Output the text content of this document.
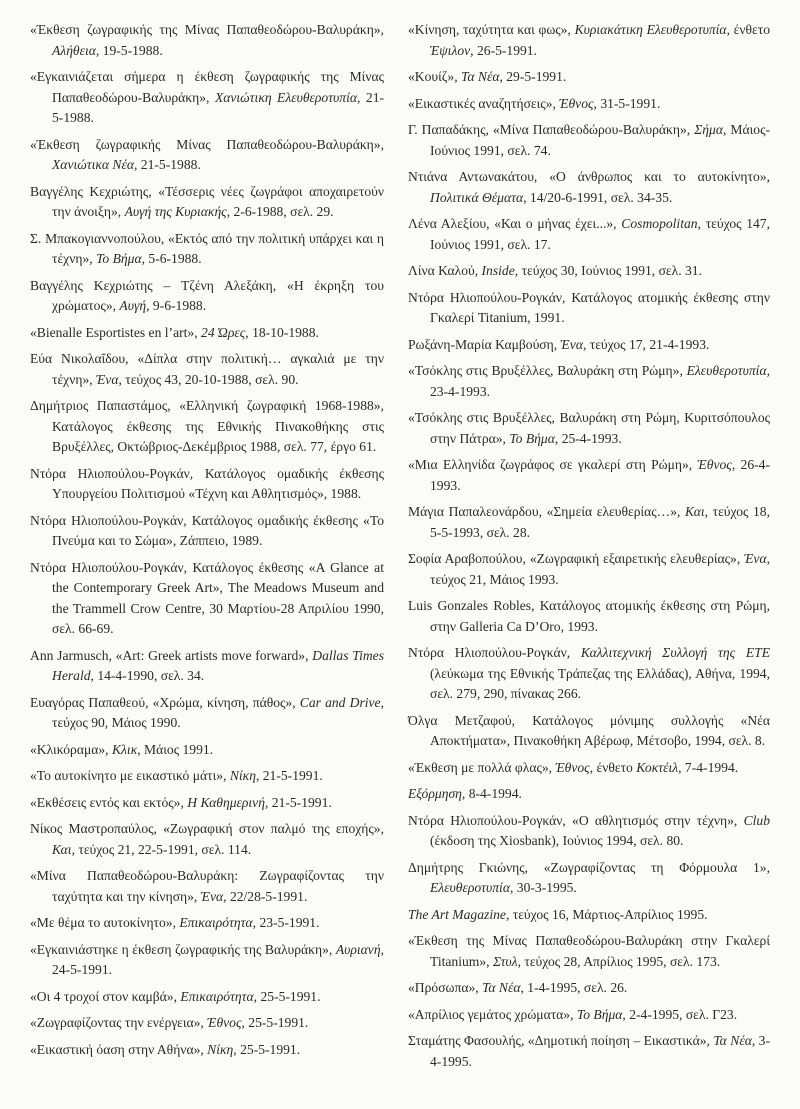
«Έκθεση ζωγραφικής της Μίνας Παπαθεοδώρου-Βαλυράκη», Αλήθεια, 19-5-1988.

«Εγκαινιάζεται σήμερα η έκθεση ζωγραφικής της Μίνας Παπαθεοδώρου-Βαλυράκη», Χανιώτικη Ελευθεροτυπία, 21-5-1988.

«Έκθεση ζωγραφικής Μίνας Παπαθεοδώρου-Βαλυράκη», Χανιώτικα Νέα, 21-5-1988.

Βαγγέλης Κεχριώτης, «Τέσσερις νέες ζωγράφοι αποχαιρετούν την άνοιξη», Αυγή της Κυριακής, 2-6-1988, σελ. 29.

Σ. Μπακογιαννοπούλου, «Εκτός από την πολιτική υπάρχει και η τέχνη», Το Βήμα, 5-6-1988.

Βαγγέλης Κεχριώτης – Τζένη Αλεξάκη, «Η έκρηξη του χρώματος», Αυγή, 9-6-1988.

«Bienalle Esportistes en l’art», 24 Ώρες, 18-10-1988.

Εύα Νικολαΐδου, «Δίπλα στην πολιτική… αγκαλιά με την τέχνη», Ένα, τεύχος 43, 20-10-1988, σελ. 90.

Δημήτριος Παπαστάμος, «Ελληνική ζωγραφική 1968-1988», Κατάλογος έκθεσης της Εθνικής Πινακοθήκης στις Βρυξέλλες, Οκτώβριος-Δεκέμβριος 1988, σελ. 77, έργο 61.

Ντόρα Ηλιοπούλου-Ρογκάν, Κατάλογος ομαδικής έκθεσης Υπουργείου Πολιτισμού «Τέχνη και Αθλητισμός», 1988.

Ντόρα Ηλιοπούλου-Ρογκάν, Κατάλογος ομαδικής έκθεσης «Το Πνεύμα και το Σώμα», Ζάππειο, 1989.

Ντόρα Ηλιοπούλου-Ρογκάν, Κατάλογος έκθεσης «A Glance at the Contemporary Greek Art», The Meadows Museum and the Trammell Crow Centre, 30 Μαρτίου-28 Απριλίου 1990, σελ. 66-69.

Ann Jarmusch, «Art: Greek artists move forward», Dallas Times Herald, 14-4-1990, σελ. 34.

Ευαγόρας Παπαθεού, «Χρώμα, κίνηση, πάθος», Car and Drive, τεύχος 90, Μάιος 1990.

«Κλικόραμα», Κλικ, Μάιος 1991.

«Το αυτοκίνητο με εικαστικό μάτι», Νίκη, 21-5-1991.

«Εκθέσεις εντός και εκτός», Η Καθημερινή, 21-5-1991.

Νίκος Μαστροπαύλος, «Ζωγραφική στον παλμό της εποχής», Και, τεύχος 21, 22-5-1991, σελ. 114.

«Μίνα Παπαθεοδώρου-Βαλυράκη: Ζωγραφίζοντας την ταχύτητα και την κίνηση», Ένα, 22/28-5-1991.

«Με θέμα το αυτοκίνητο», Επικαιρότητα, 23-5-1991.

«Εγκαινιάστηκε η έκθεση ζωγραφικής της Βαλυράκη», Αυριανή, 24-5-1991.

«Οι 4 τροχοί στον καμβά», Επικαιρότητα, 25-5-1991.

«Ζωγραφίζοντας την ενέργεια», Έθνος, 25-5-1991.

«Εικαστική όαση στην Αθήνα», Νίκη, 25-5-1991.

«Κίνηση, ταχύτητα και φως», Κυριακάτικη Ελευθεροτυπία, ένθετο Έψιλον, 26-5-1991.

«Κουίζ», Τα Νέα, 29-5-1991.

«Εικαστικές αναζητήσεις», Έθνος, 31-5-1991.

Γ. Παπαδάκης, «Μίνα Παπαθεοδώρου-Βαλυράκη», Σήμα, Μάιος-Ιούνιος 1991, σελ. 74.

Ντιάνα Αντωνακάτου, «Ο άνθρωπος και το αυτοκίνητο», Πολιτικά Θέματα, 14/20-6-1991, σελ. 34-35.

Λένα Αλεξίου, «Και ο μήνας έχει...», Cosmopolitan, τεύχος 147, Ιούνιος 1991, σελ. 17.

Λίνα Καλού, Inside, τεύχος 30, Ιούνιος 1991, σελ. 31.

Ντόρα Ηλιοπούλου-Ρογκάν, Κατάλογος ατομικής έκθεσης στην Γκαλερί Titanium, 1991.

Ρωξάνη-Μαρία Καμβούση, Ένα, τεύχος 17, 21-4-1993.

«Τσόκλης στις Βρυξέλλες, Βαλυράκη στη Ρώμη», Ελευθεροτυπία, 23-4-1993.

«Τσόκλης στις Βρυξέλλες, Βαλυράκη στη Ρώμη, Κυριτσόπουλος στην Πάτρα», Το Βήμα, 25-4-1993.

«Μια Ελληνίδα ζωγράφος σε γκαλερί στη Ρώμη», Έθνος, 26-4-1993.

Μάγια Παπαλεονάρδου, «Σημεία ελευθερίας…», Και, τεύχος 18, 5-5-1993, σελ. 28.

Σοφία Αραβοπούλου, «Ζωγραφική εξαιρετικής ελευθερίας», Ένα, τεύχος 21, Μάιος 1993.

Luis Gonzales Robles, Κατάλογος ατομικής έκθεσης στη Ρώμη, στην Galleria Ca D’Oro, 1993.

Ντόρα Ηλιοπούλου-Ρογκάν, Καλλιτεχνική Συλλογή της ΕΤΕ (λεύκωμα της Εθνικής Τράπεζας της Ελλάδας), Αθήνα, 1994, σελ. 279, 290, πίνακας 266.

Όλγα Μετζαφού, Κατάλογος μόνιμης συλλογής «Νέα Αποκτήματα», Πινακοθήκη Αβέρωφ, Μέτσοβο, 1994, σελ. 8.

«Έκθεση με πολλά φλας», Έθνος, ένθετο Κοκτέιλ, 7-4-1994.

Εξόρμηση, 8-4-1994.

Ντόρα Ηλιοπούλου-Ρογκάν, «Ο αθλητισμός στην τέχνη», Club (έκδοση της Xiosbank), Ιούνιος 1994, σελ. 80.

Δημήτρης Γκιώνης, «Ζωγραφίζοντας τη Φόρμουλα 1», Ελευθεροτυπία, 30-3-1995.

The Art Magazine, τεύχος 16, Μάρτιος-Απρίλιος 1995.

«Έκθεση της Μίνας Παπαθεοδώρου-Βαλυράκη στην Γκαλερί Titanium», Στυλ, τεύχος 28, Απρίλιος 1995, σελ. 173.

«Πρόσωπα», Τα Νέα, 1-4-1995, σελ. 26.

«Απρίλιος γεμάτος χρώματα», Το Βήμα, 2-4-1995, σελ. Γ23.

Σταμάτης Φασουλής, «Δημοτική ποίηση – Εικαστικά», Τα Νέα, 3-4-1995.
